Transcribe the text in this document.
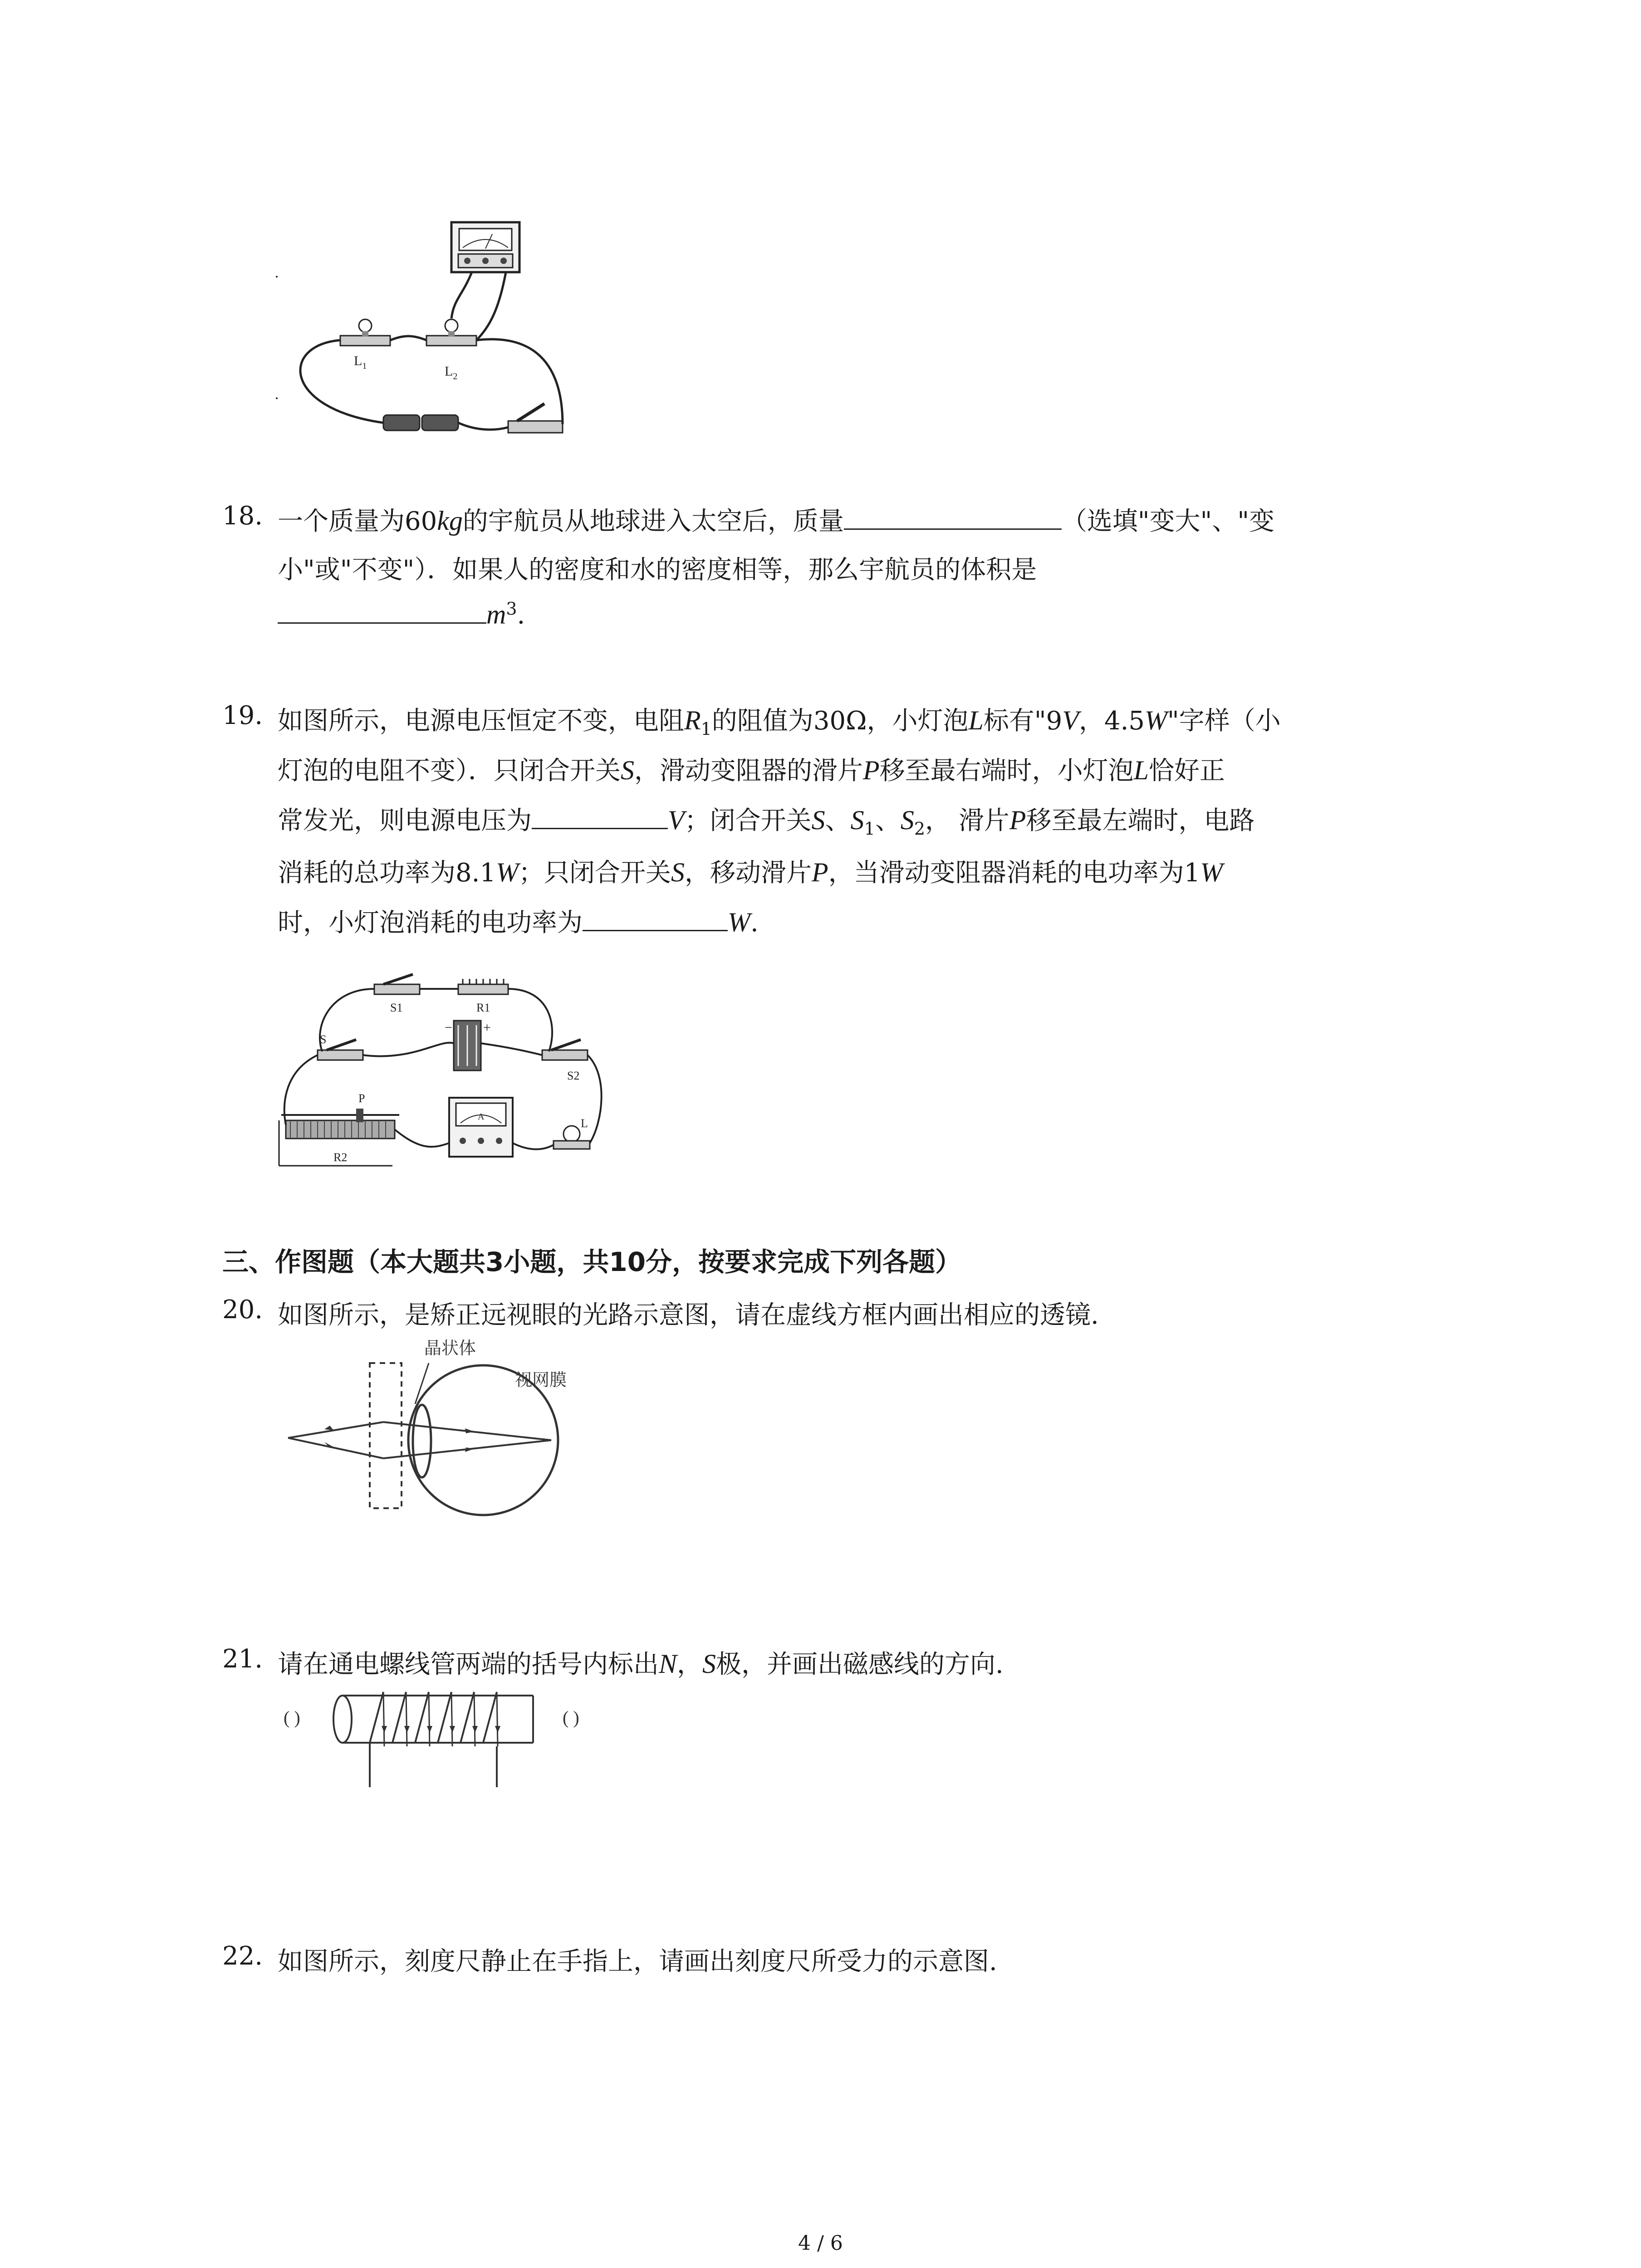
$L_1$	$L_2$
18. 一个质量为60kg的宇航员从地球进入太空后，质量	（选填"变大"、"变
小"或"不变"）．如果人的密度和水的密度相等，那么宇航员的体积是
$m^3$.
19. 如图所示，电源电压恒定不变，电阻$R_1$的阻值为30Ω，小灯泡L标有"9V，4.5W"字样（小
灯泡的电阻不变）．只闭合开关S，滑动变阻器的滑片P移至最右端时，小灯泡L恰好正
常发光，则电源电压为	V；闭合开关S、$S_1$、$S_2$， 滑片P移至最左端时，电路
消耗的总功率为8.1W；只闭合开关S，移动滑片P，当滑动变阻器消耗的电功率为1W
时，小灯泡消耗的电功率为	W.
S1	R1
S
− +
S2
P
R2
A	L
三、作图题（本大题共3小题，共10分，按要求完成下列各题）
20. 如图所示，是矫正远视眼的光路示意图，请在虚线方框内画出相应的透镜.
晶状体
视网膜
21. 请在通电螺线管两端的括号内标出N，S极，并画出磁感线的方向.
( )	( )
22. 如图所示，刻度尺静止在手指上，请画出刻度尺所受力的示意图.
4 / 6
